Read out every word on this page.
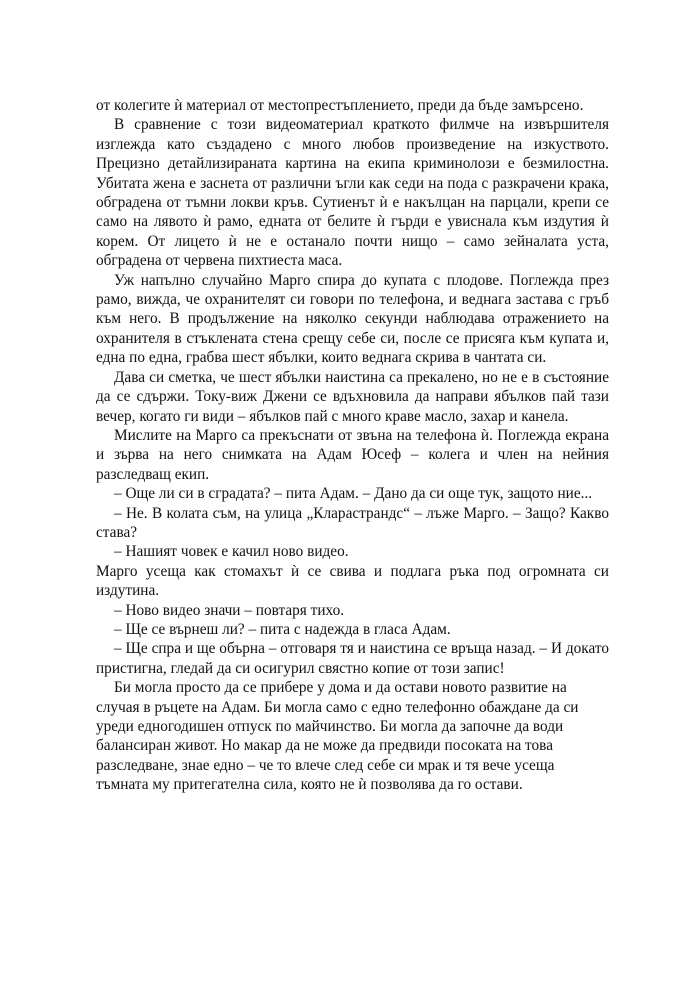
от колегите ѝ материал от местопрестъплението, преди да бъде замърсено.

В сравнение с този видеоматериал краткото филмче на извършителя изглежда като създадено с много любов произведение на изкуството. Прецизно детайлизираната картина на екипа криминолози е безмилостна. Убитата жена е заснета от различни ъгли как седи на пода с разкрачени крака, обградена от тъмни локви кръв. Сутиенът ѝ е накълцан на парцали, крепи се само на лявото ѝ рамо, едната от белите ѝ гърди е увиснала към издутия ѝ корем. От лицето ѝ не е останало почти нищо – само зейналата уста, обградена от червена пихтиеста маса.

Уж напълно случайно Марго спира до купата с плодове. Поглежда през рамо, вижда, че охранителят си говори по телефона, и веднага застава с гръб към него. В продължение на няколко секунди наблюдава отражението на охранителя в стъклената стена срещу себе си, после се присяга към купата и, една по една, грабва шест ябълки, които веднага скрива в чантата си.

Дава си сметка, че шест ябълки наистина са прекалено, но не е в състояние да се сдържи. Току-виж Джени се вдъхновила да направи ябълков пай тази вечер, когато ги види – ябълков пай с много краве масло, захар и канела.

Мислите на Марго са прекъснати от звъна на телефона ѝ. Поглежда екрана и зърва на него снимката на Адам Юсеф – колега и член на нейния разследващ екип.

– Още ли си в сградата? – пита Адам. – Дано да си още тук, защото ние...

– Не. В колата съм, на улица „Кларастрандс“ – лъже Марго. – Защо? Какво става?

– Нашият човек е качил ново видео.

Марго усеща как стомахът ѝ се свива и подлага ръка под огромната си издутина.

– Ново видео значи – повтаря тихо.

– Ще се върнеш ли? – пита с надежда в гласа Адам.

– Ще спра и ще обърна – отговаря тя и наистина се връща назад. – И докато пристигна, гледай да си осигурил свястно копие от този запис!

Би могла просто да се прибере у дома и да остави новото развитие на случая в ръцете на Адам. Би могла само с едно телефонно обаждане да си уреди едногодишен отпуск по майчинство. Би могла да започне да води балансиран живот. Но макар да не може да предвиди посоката на това разследване, знае едно – че то влече след себе си мрак и тя вече усеща тъмната му притегателна сила, която не ѝ позволява да го остави.
